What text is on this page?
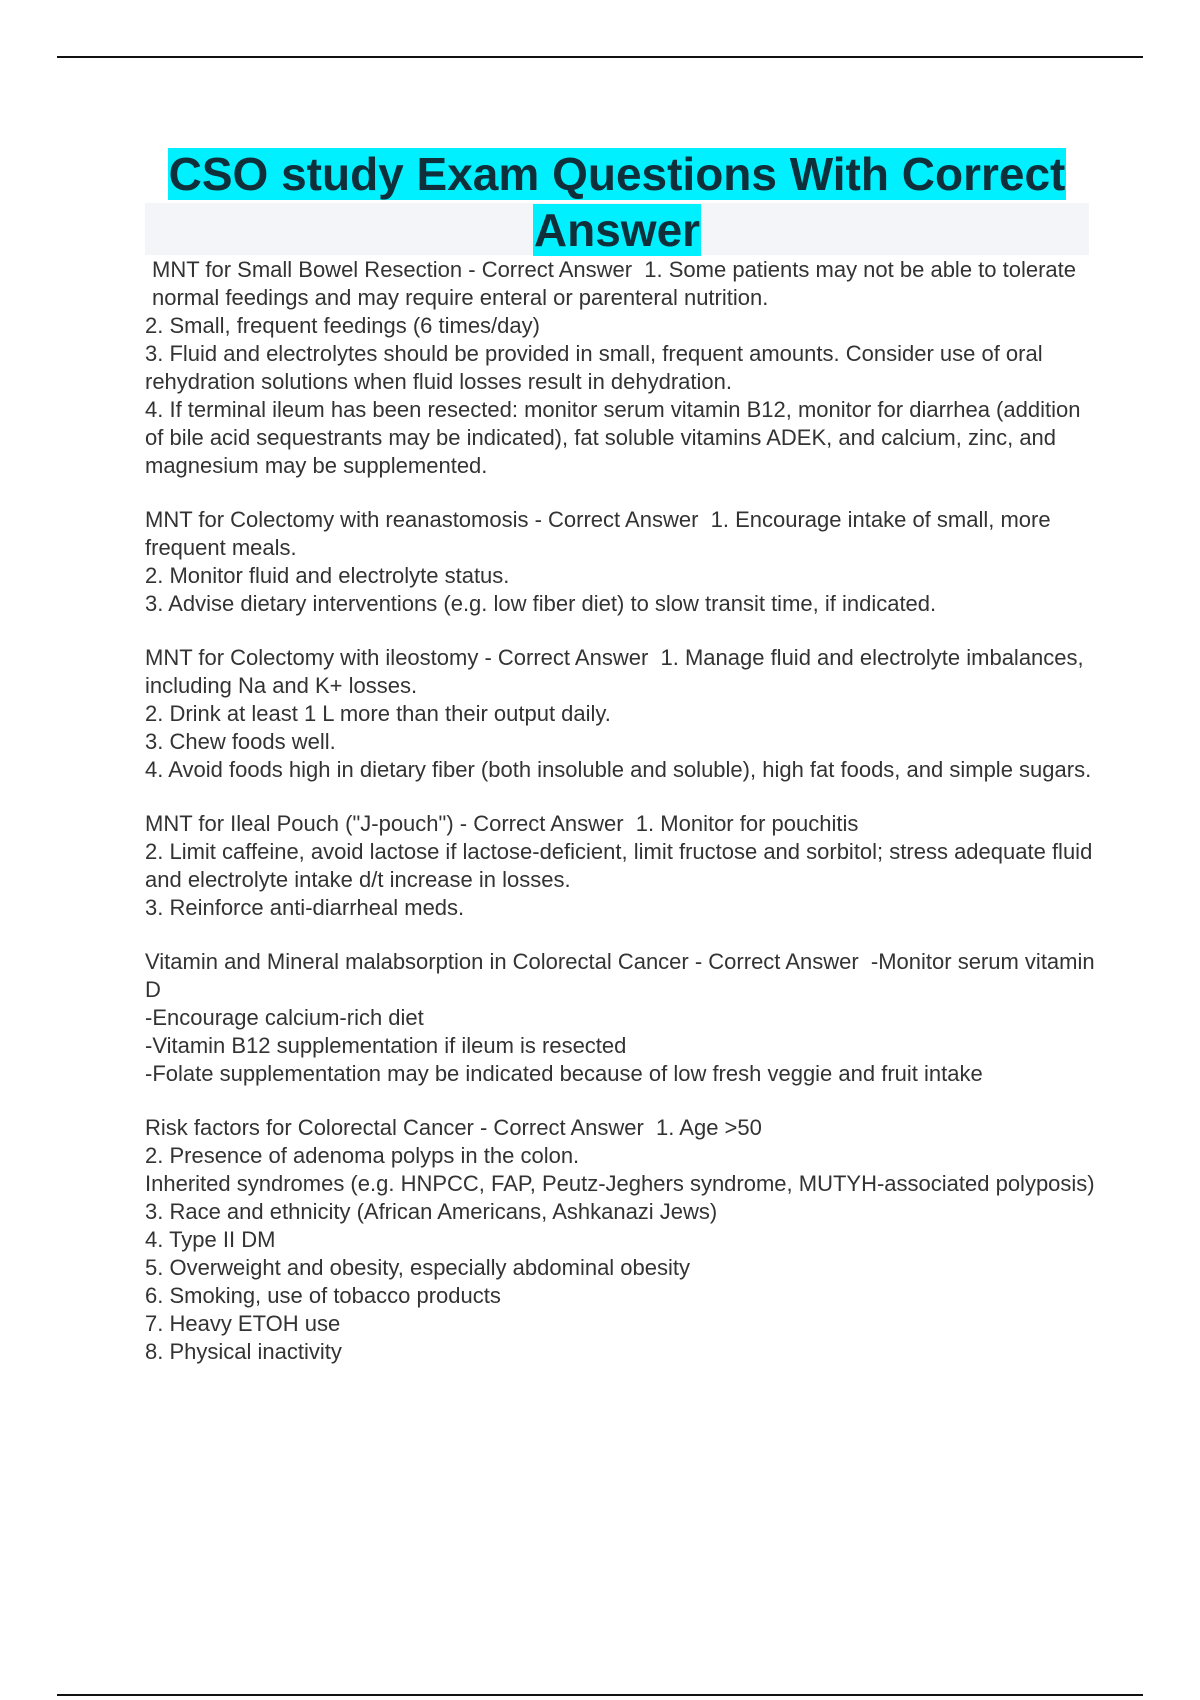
CSO study Exam Questions With Correct
Answer
MNT for Small Bowel Resection - Correct Answer  1. Some patients may not be able to tolerate normal feedings and may require enteral or parenteral nutrition.
2. Small, frequent feedings (6 times/day)
3. Fluid and electrolytes should be provided in small, frequent amounts. Consider use of oral rehydration solutions when fluid losses result in dehydration.
4. If terminal ileum has been resected: monitor serum vitamin B12, monitor for diarrhea (addition of bile acid sequestrants may be indicated), fat soluble vitamins ADEK, and calcium, zinc, and magnesium may be supplemented.
MNT for Colectomy with reanastomosis - Correct Answer  1. Encourage intake of small, more frequent meals.
2. Monitor fluid and electrolyte status.
3. Advise dietary interventions (e.g. low fiber diet) to slow transit time, if indicated.
MNT for Colectomy with ileostomy - Correct Answer  1. Manage fluid and electrolyte imbalances, including Na and K+ losses.
2. Drink at least 1 L more than their output daily.
3. Chew foods well.
4. Avoid foods high in dietary fiber (both insoluble and soluble), high fat foods, and simple sugars.
MNT for Ileal Pouch ("J-pouch") - Correct Answer  1. Monitor for pouchitis
2. Limit caffeine, avoid lactose if lactose-deficient, limit fructose and sorbitol; stress adequate fluid and electrolyte intake d/t increase in losses.
3. Reinforce anti-diarrheal meds.
Vitamin and Mineral malabsorption in Colorectal Cancer - Correct Answer  -Monitor serum vitamin D
-Encourage calcium-rich diet
-Vitamin B12 supplementation if ileum is resected
-Folate supplementation may be indicated because of low fresh veggie and fruit intake
Risk factors for Colorectal Cancer - Correct Answer  1. Age >50
2. Presence of adenoma polyps in the colon.
Inherited syndromes (e.g. HNPCC, FAP, Peutz-Jeghers syndrome, MUTYH-associated polyposis)
3. Race and ethnicity (African Americans, Ashkanazi Jews)
4. Type II DM
5. Overweight and obesity, especially abdominal obesity
6. Smoking, use of tobacco products
7. Heavy ETOH use
8. Physical inactivity
